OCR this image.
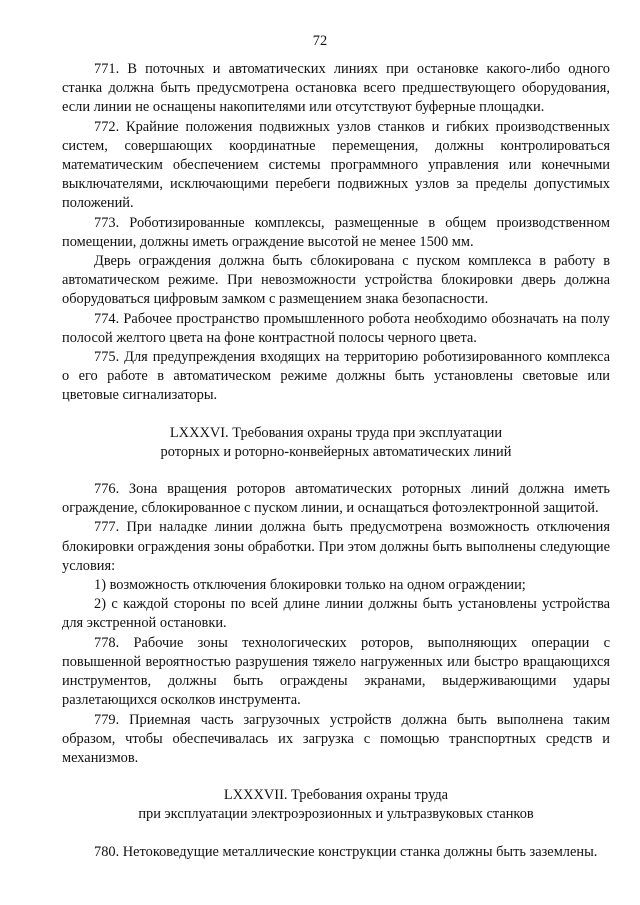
72

771. В поточных и автоматических линиях при остановке какого-либо одного станка должна быть предусмотрена остановка всего предшествующего оборудования, если линии не оснащены накопителями или отсутствуют буферные площадки.

772. Крайние положения подвижных узлов станков и гибких производственных систем, совершающих координатные перемещения, должны контролироваться математическим обеспечением системы программного управления или конечными выключателями, исключающими перебеги подвижных узлов за пределы допустимых положений.

773. Роботизированные комплексы, размещенные в общем производственном помещении, должны иметь ограждение высотой не менее 1500 мм.

Дверь ограждения должна быть сблокирована с пуском комплекса в работу в автоматическом режиме. При невозможности устройства блокировки дверь должна оборудоваться цифровым замком с размещением знака безопасности.

774. Рабочее пространство промышленного робота необходимо обозначать на полу полосой желтого цвета на фоне контрастной полосы черного цвета.

775. Для предупреждения входящих на территорию роботизированного комплекса о его работе в автоматическом режиме должны быть установлены световые или цветовые сигнализаторы.

LXXXVI. Требования охраны труда при эксплуатации
роторных и роторно-конвейерных автоматических линий

776. Зона вращения роторов автоматических роторных линий должна иметь ограждение, сблокированное с пуском линии, и оснащаться фотоэлектронной защитой.

777. При наладке линии должна быть предусмотрена возможность отключения блокировки ограждения зоны обработки. При этом должны быть выполнены следующие условия:

1) возможность отключения блокировки только на одном ограждении;

2) с каждой стороны по всей длине линии должны быть установлены устройства для экстренной остановки.

778. Рабочие зоны технологических роторов, выполняющих операции с повышенной вероятностью разрушения тяжело нагруженных или быстро вращающихся инструментов, должны быть ограждены экранами, выдерживающими удары разлетающихся осколков инструмента.

779. Приемная часть загрузочных устройств должна быть выполнена таким образом, чтобы обеспечивалась их загрузка с помощью транспортных средств и механизмов.

LXXXVII. Требования охраны труда
при эксплуатации электроэрозионных и ультразвуковых станков

780. Нетоковедущие металлические конструкции станка должны быть заземлены.
